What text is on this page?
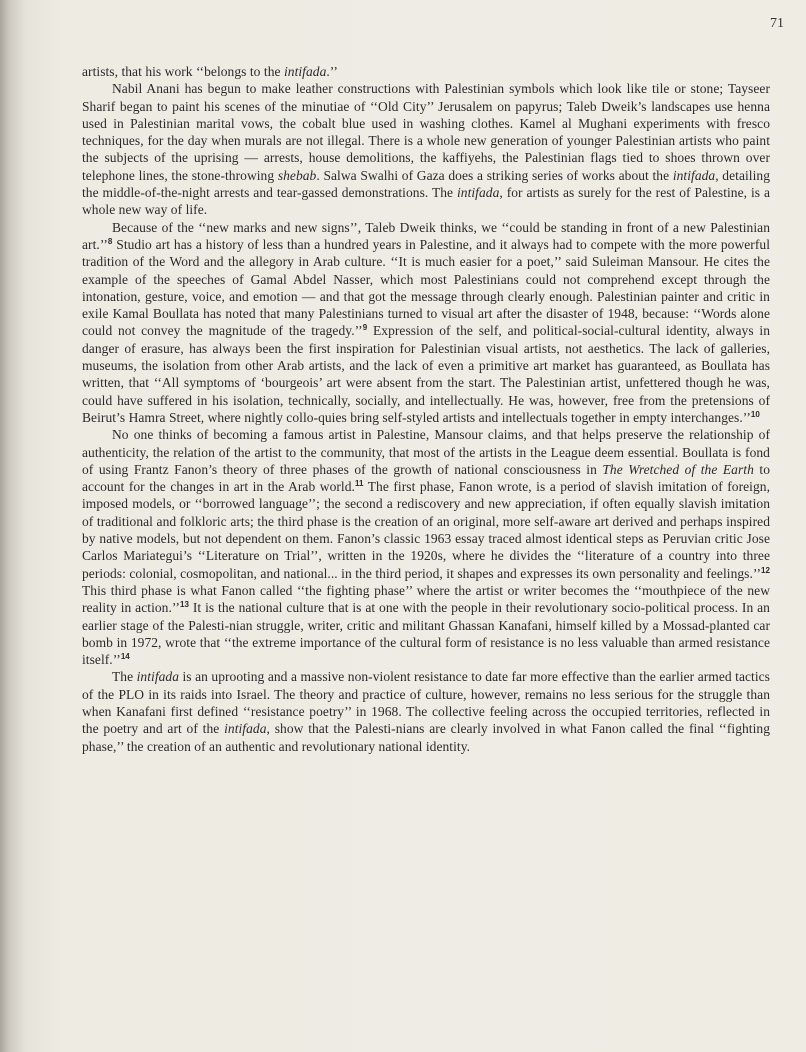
71

artists, that his work ‘‘belongs to the intifada.’’

Nabil Anani has begun to make leather constructions with Palestinian symbols which look like tile or stone; Tayseer Sharif began to paint his scenes of the minutiae of ‘‘Old City’’ Jerusalem on papyrus; Taleb Dweik’s landscapes use henna used in Palestinian marital vows, the cobalt blue used in washing clothes. Kamel al Mughani experiments with fresco techniques, for the day when murals are not illegal. There is a whole new generation of younger Palestinian artists who paint the subjects of the uprising — arrests, house demolitions, the kaffiyehs, the Palestinian flags tied to shoes thrown over telephone lines, the stone-throwing shebab. Salwa Swalhi of Gaza does a striking series of works about the intifada, detailing the middle-of-the-night arrests and tear-gassed demonstrations. The intifada, for artists as surely for the rest of Palestine, is a whole new way of life.

Because of the ‘‘new marks and new signs’’, Taleb Dweik thinks, we ‘‘could be standing in front of a new Palestinian art.’’$^8$ Studio art has a history of less than a hundred years in Palestine, and it always had to compete with the more powerful tradition of the Word and the allegory in Arab culture. ‘‘It is much easier for a poet,’’ said Suleiman Mansour. He cites the example of the speeches of Gamal Abdel Nasser, which most Palestinians could not comprehend except through the intonation, gesture, voice, and emotion — and that got the message through clearly enough. Palestinian painter and critic in exile Kamal Boullata has noted that many Palestinians turned to visual art after the disaster of 1948, because: ‘‘Words alone could not convey the magnitude of the tragedy.’’$^9$ Expression of the self, and political-social-cultural identity, always in danger of erasure, has always been the first inspiration for Palestinian visual artists, not aesthetics. The lack of galleries, museums, the isolation from other Arab artists, and the lack of even a primitive art market has guaranteed, as Boullata has written, that ‘‘All symptoms of ‘bourgeois’ art were absent from the start. The Palestinian artist, unfettered though he was, could have suffered in his isolation, technically, socially, and intellectually. He was, however, free from the pretensions of Beirut’s Hamra Street, where nightly collo-quies bring self-styled artists and intellectuals together in empty interchanges.’’$^{10}$

No one thinks of becoming a famous artist in Palestine, Mansour claims, and that helps preserve the relationship of authenticity, the relation of the artist to the community, that most of the artists in the League deem essential. Boullata is fond of using Frantz Fanon’s theory of three phases of the growth of national consciousness in The Wretched of the Earth to account for the changes in art in the Arab world.$^{11}$ The first phase, Fanon wrote, is a period of slavish imitation of foreign, imposed models, or ‘‘borrowed language’’; the second a rediscovery and new appreciation, if often equally slavish imitation of traditional and folkloric arts; the third phase is the creation of an original, more self-aware art derived and perhaps inspired by native models, but not dependent on them. Fanon’s classic 1963 essay traced almost identical steps as Peruvian critic Jose Carlos Mariategui’s ‘‘Literature on Trial’’, written in the 1920s, where he divides the ‘‘literature of a country into three periods: colonial, cosmopolitan, and national... in the third period, it shapes and expresses its own personality and feelings.’’$^{12}$ This third phase is what Fanon called ‘‘the fighting phase’’ where the artist or writer becomes the ‘‘mouthpiece of the new reality in action.’’$^{13}$ It is the national culture that is at one with the people in their revolutionary socio-political process. In an earlier stage of the Palesti-nian struggle, writer, critic and militant Ghassan Kanafani, himself killed by a Mossad-planted car bomb in 1972, wrote that ‘‘the extreme importance of the cultural form of resistance is no less valuable than armed resistance itself.’’$^{14}$

The intifada is an uprooting and a massive non-violent resistance to date far more effective than the earlier armed tactics of the PLO in its raids into Israel. The theory and practice of culture, however, remains no less serious for the struggle than when Kanafani first defined ‘‘resistance poetry’’ in 1968. The collective feeling across the occupied territories, reflected in the poetry and art of the intifada, show that the Palesti-nians are clearly involved in what Fanon called the final ‘‘fighting phase,’’ the creation of an authentic and revolutionary national identity.
